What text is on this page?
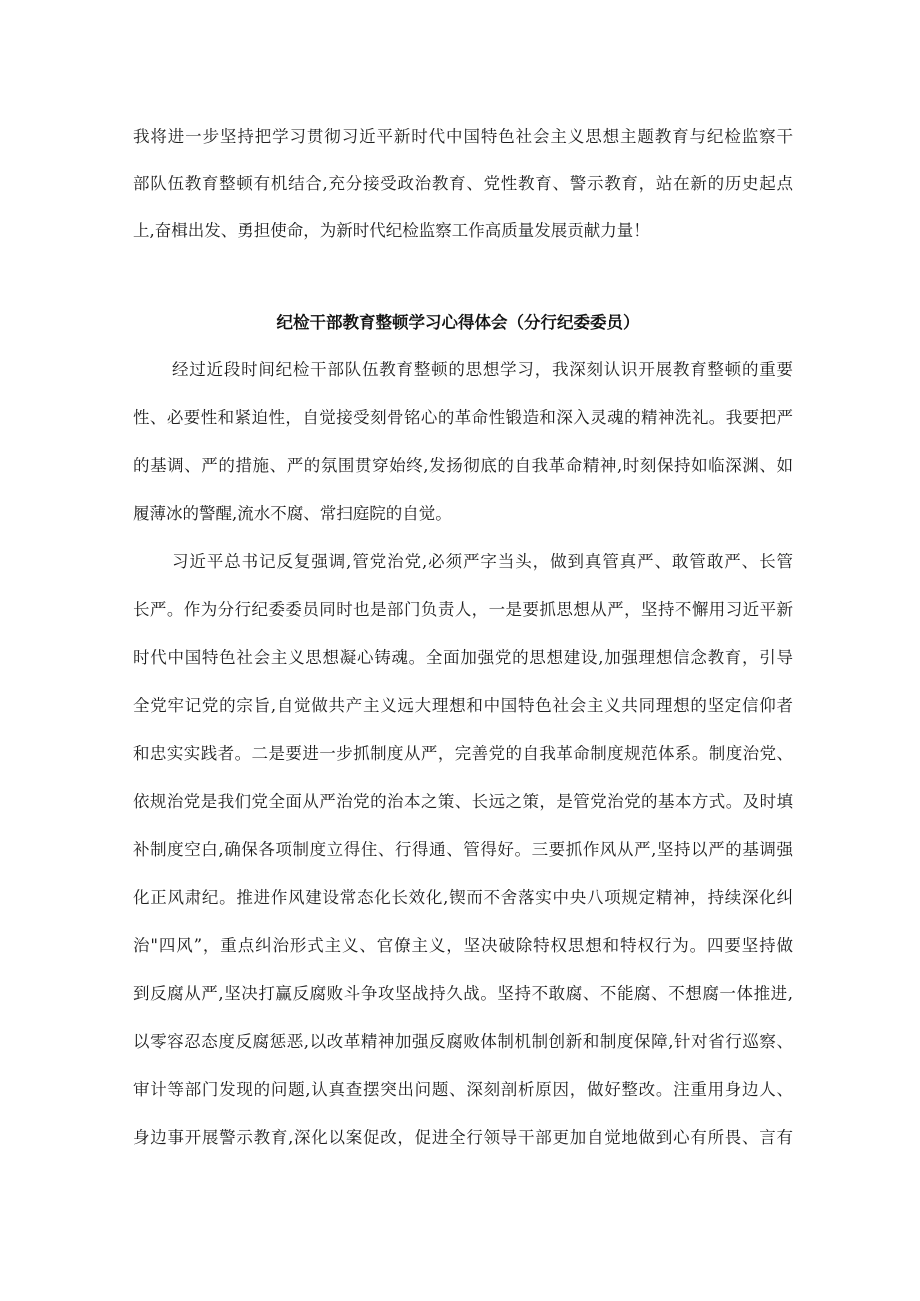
我将进一步坚持把学习贯彻习近平新时代中国特色社会主义思想主题教育与纪检监察干
部队伍教育整顿有机结合,充分接受政治教育、党性教育、警示教育，站在新的历史起点
上,奋楫出发、勇担使命，为新时代纪检监察工作高质量发展贡献力量！
纪检干部教育整顿学习心得体会（分行纪委委员）
经过近段时间纪检干部队伍教育整顿的思想学习，我深刻认识开展教育整顿的重要
性、必要性和紧迫性，自觉接受刻骨铭心的革命性锻造和深入灵魂的精神洗礼。我要把严
的基调、严的措施、严的氛围贯穿始终,发扬彻底的自我革命精神,时刻保持如临深渊、如
履薄冰的警醒,流水不腐、常扫庭院的自觉。
习近平总书记反复强调,管党治党,必须严字当头，做到真管真严、敢管敢严、长管
长严。作为分行纪委委员同时也是部门负责人，一是要抓思想从严，坚持不懈用习近平新
时代中国特色社会主义思想凝心铸魂。全面加强党的思想建设,加强理想信念教育，引导
全党牢记党的宗旨,自觉做共产主义远大理想和中国特色社会主义共同理想的坚定信仰者
和忠实实践者。二是要进一步抓制度从严，完善党的自我革命制度规范体系。制度治党、
依规治党是我们党全面从严治党的治本之策、长远之策，是管党治党的基本方式。及时填
补制度空白,确保各项制度立得住、行得通、管得好。三要抓作风从严,坚持以严的基调强
化正风肃纪。推进作风建设常态化长效化,锲而不舍落实中央八项规定精神，持续深化纠
治"四风”，重点纠治形式主义、官僚主义，坚决破除特权思想和特权行为。四要坚持做
到反腐从严,坚决打赢反腐败斗争攻坚战持久战。坚持不敢腐、不能腐、不想腐一体推进,
以零容忍态度反腐惩恶,以改革精神加强反腐败体制机制创新和制度保障,针对省行巡察、
审计等部门发现的问题,认真查摆突出问题、深刻剖析原因，做好整改。注重用身边人、
身边事开展警示教育,深化以案促改，促进全行领导干部更加自觉地做到心有所畏、言有
